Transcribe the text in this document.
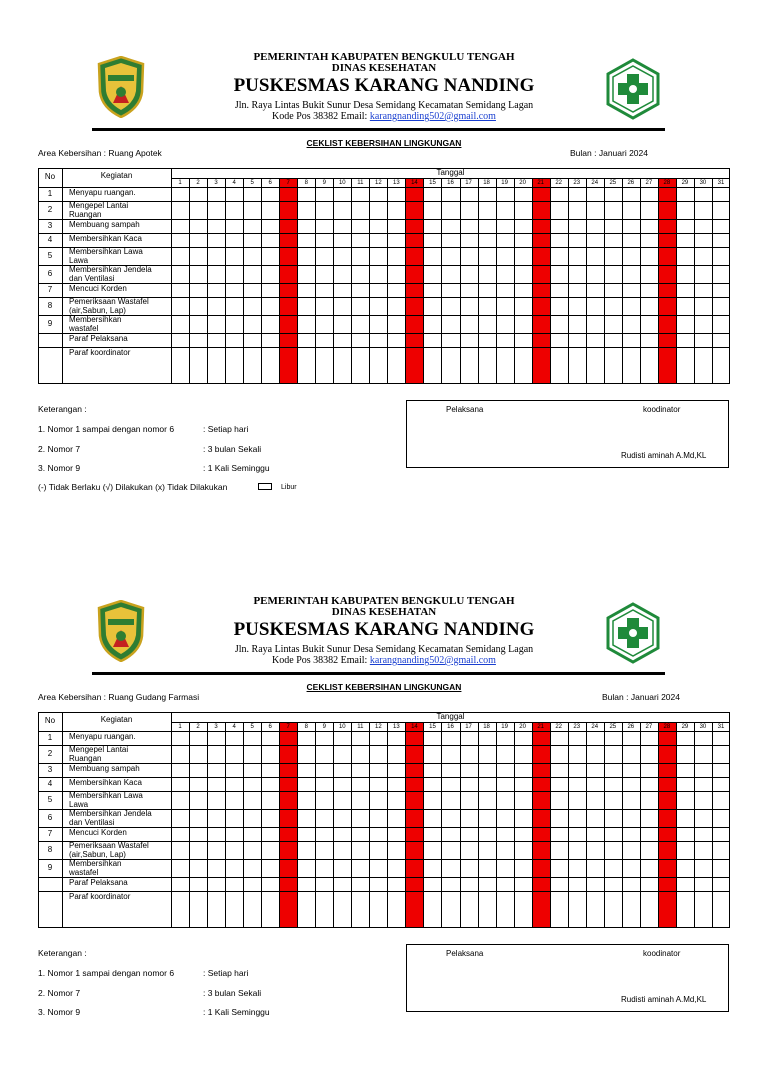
PEMERINTAH KABUPATEN BENGKULU TENGAH
DINAS KESEHATAN
PUSKESMAS KARANG NANDING
Jln. Raya Lintas Bukit Sunur Desa Semidang Kecamatan Semidang Lagan
Kode Pos 38382 Email: karangnanding502@gmail.com
CEKLIST KEBERSIHAN LINGKUNGAN
Area Kebersihan : Ruang Apotek	Bulan : Januari 2024
No	Kegiatan	Tanggal
1	2	3	4	5	6	7	8	9	10	11	12	13	14	15	16	17	18	19	20	21	22	23	24	25	26	27	28	29	30	31
1	Menyapu ruangan.
2	Mengepel Lantai
Ruangan
3	Membuang sampah
4	Membersihkan Kaca
5	Membersihkan Lawa
Lawa
6	Membersihkan Jendela
dan Ventilasi
7	Mencuci Korden
8	Pemeriksaan Wastafel
(air,Sabun, Lap)
9	Membersihkan
wastafel
Paraf Pelaksana
Paraf koordinator
Keterangan :
1. Nomor 1 sampai dengan nomor 6	: Setiap hari
2. Nomor 7	: 3 bulan Sekali
3. Nomor 9	: 1 Kali Seminggu
(-) Tidak Berlaku (√) Dilakukan (x) Tidak Dilakukan	Libur
Pelaksana	koodinator
Rudisti aminah A.Md,KL
PEMERINTAH KABUPATEN BENGKULU TENGAH
DINAS KESEHATAN
PUSKESMAS KARANG NANDING
Jln. Raya Lintas Bukit Sunur Desa Semidang Kecamatan Semidang Lagan
Kode Pos 38382 Email: karangnanding502@gmail.com
CEKLIST KEBERSIHAN LINGKUNGAN
Area Kebersihan : Ruang Gudang Farmasi	Bulan : Januari 2024
No	Kegiatan	Tanggal
1	2	3	4	5	6	7	8	9	10	11	12	13	14	15	16	17	18	19	20	21	22	23	24	25	26	27	28	29	30	31
1	Menyapu ruangan.
2	Mengepel Lantai
Ruangan
3	Membuang sampah
4	Membersihkan Kaca
5	Membersihkan Lawa
Lawa
6	Membersihkan Jendela
dan Ventilasi
7	Mencuci Korden
8	Pemeriksaan Wastafel
(air,Sabun, Lap)
9	Membersihkan
wastafel
Paraf Pelaksana
Paraf koordinator
Keterangan :
1. Nomor 1 sampai dengan nomor 6	: Setiap hari
2. Nomor 7	: 3 bulan Sekali
3. Nomor 9	: 1 Kali Seminggu
Pelaksana	koodinator
Rudisti aminah A.Md,KL
